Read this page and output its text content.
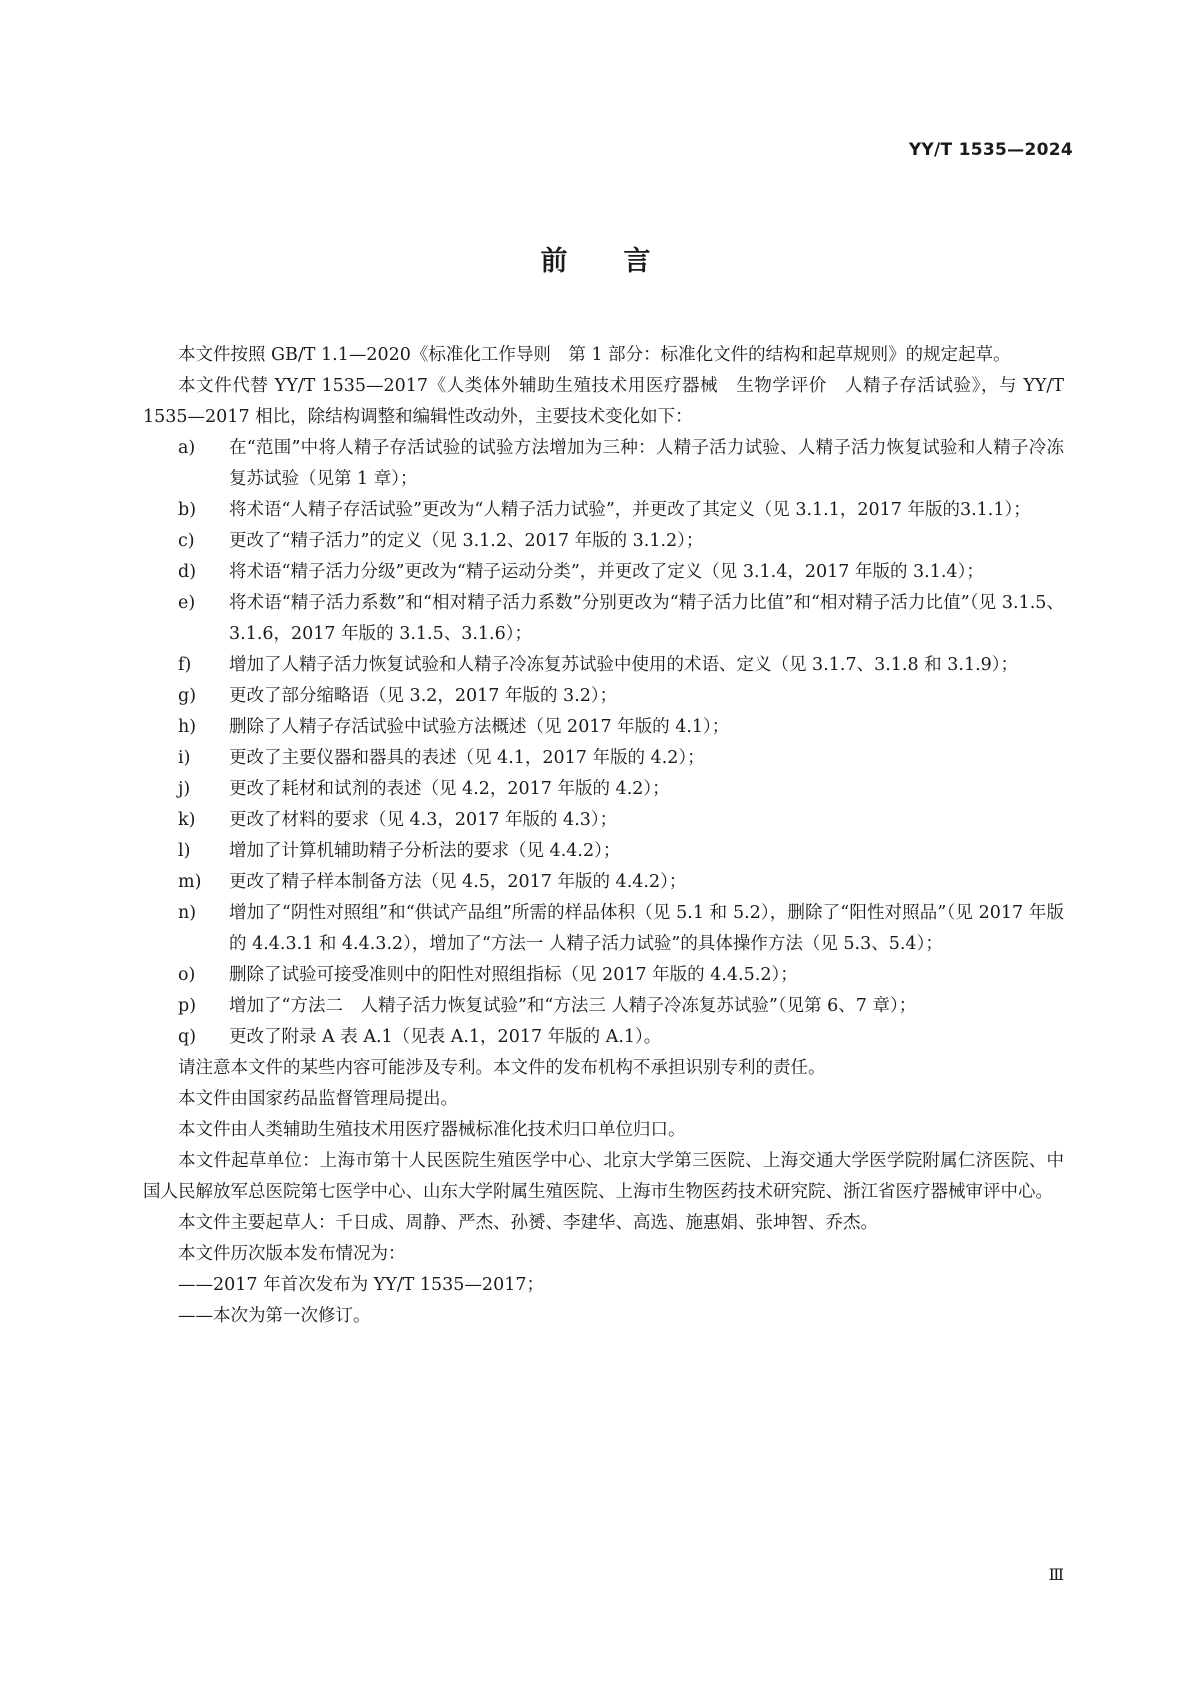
YY/T 1535—2024
前言

本文件按照 GB/T 1.1—2020《标准化工作导则　第 1 部分：标准化文件的结构和起草规则》的规定起草。

本文件代替 YY/T 1535—2017《人类体外辅助生殖技术用医疗器械　生物学评价　人精子存活试验》，与 YY/T 1535—2017 相比，除结构调整和编辑性改动外，主要技术变化如下：

a) 在“范围”中将人精子存活试验的试验方法增加为三种：人精子活力试验、人精子活力恢复试验和人精子冷冻复苏试验（见第 1 章）；
b) 将术语“人精子存活试验”更改为“人精子活力试验”，并更改了其定义（见 3.1.1，2017 年版的3.1.1）；
c) 更改了“精子活力”的定义（见 3.1.2、2017 年版的 3.1.2）；
d) 将术语“精子活力分级”更改为“精子运动分类”，并更改了定义（见 3.1.4，2017 年版的 3.1.4）；
e) 将术语“精子活力系数”和“相对精子活力系数”分别更改为“精子活力比值”和“相对精子活力比值”（见 3.1.5、3.1.6，2017 年版的 3.1.5、3.1.6）；
f) 增加了人精子活力恢复试验和人精子冷冻复苏试验中使用的术语、定义（见 3.1.7、3.1.8 和 3.1.9）；
g) 更改了部分缩略语（见 3.2，2017 年版的 3.2）；
h) 删除了人精子存活试验中试验方法概述（见 2017 年版的 4.1）；
i) 更改了主要仪器和器具的表述（见 4.1，2017 年版的 4.2）；
j) 更改了耗材和试剂的表述（见 4.2，2017 年版的 4.2）；
k) 更改了材料的要求（见 4.3，2017 年版的 4.3）；
l) 增加了计算机辅助精子分析法的要求（见 4.4.2）；
m) 更改了精子样本制备方法（见 4.5，2017 年版的 4.4.2）；
n) 增加了“阴性对照组”和“供试产品组”所需的样品体积（见 5.1 和 5.2），删除了“阳性对照品”（见 2017 年版的 4.4.3.1 和 4.4.3.2），增加了“方法一 人精子活力试验”的具体操作方法（见 5.3、5.4）；
o) 删除了试验可接受准则中的阳性对照组指标（见 2017 年版的 4.4.5.2）；
p) 增加了“方法二　人精子活力恢复试验”和“方法三 人精子冷冻复苏试验”（见第 6、7 章）；
q) 更改了附录 A 表 A.1（见表 A.1，2017 年版的 A.1）。

请注意本文件的某些内容可能涉及专利。本文件的发布机构不承担识别专利的责任。

本文件由国家药品监督管理局提出。

本文件由人类辅助生殖技术用医疗器械标准化技术归口单位归口。

本文件起草单位：上海市第十人民医院生殖医学中心、北京大学第三医院、上海交通大学医学院附属仁济医院、中国人民解放军总医院第七医学中心、山东大学附属生殖医院、上海市生物医药技术研究院、浙江省医疗器械审评中心。

本文件主要起草人：千日成、周静、严杰、孙赟、李建华、高选、施惠娟、张坤智、乔杰。

本文件历次版本发布情况为：

——2017 年首次发布为 YY/T 1535—2017；

——本次为第一次修订。

Ⅲ
